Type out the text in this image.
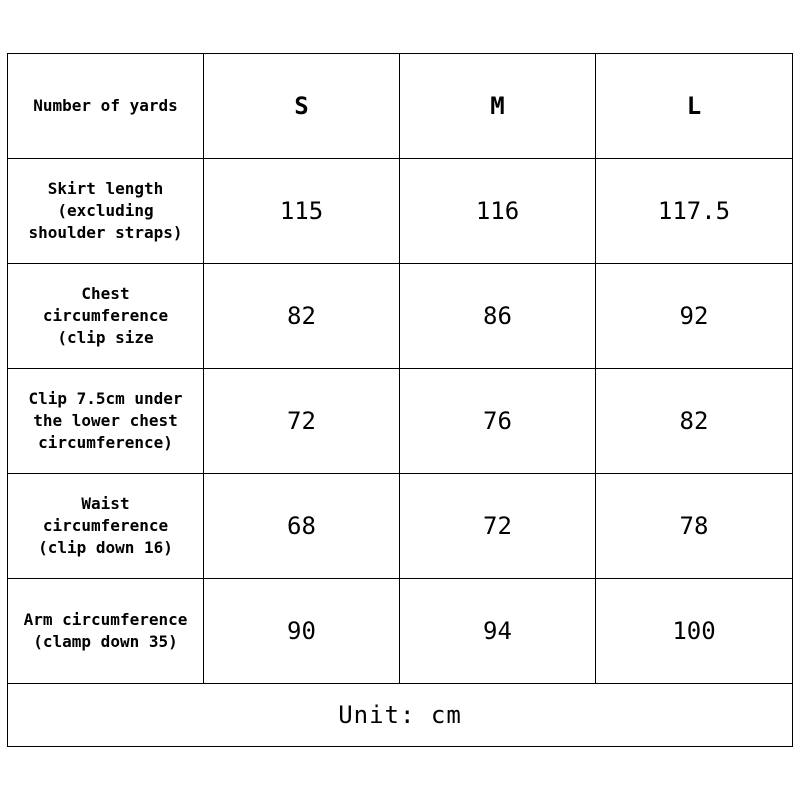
Number of yards	S	M	L
Skirt length
(excluding
shoulder straps)	115	116	117.5
Chest
circumference
(clip size	82	86	92
Clip 7.5cm under
the lower chest
circumference)	72	76	82
Waist
circumference
(clip down 16)	68	72	78
Arm circumference
(clamp down 35)	90	94	100
Unit: cm			
